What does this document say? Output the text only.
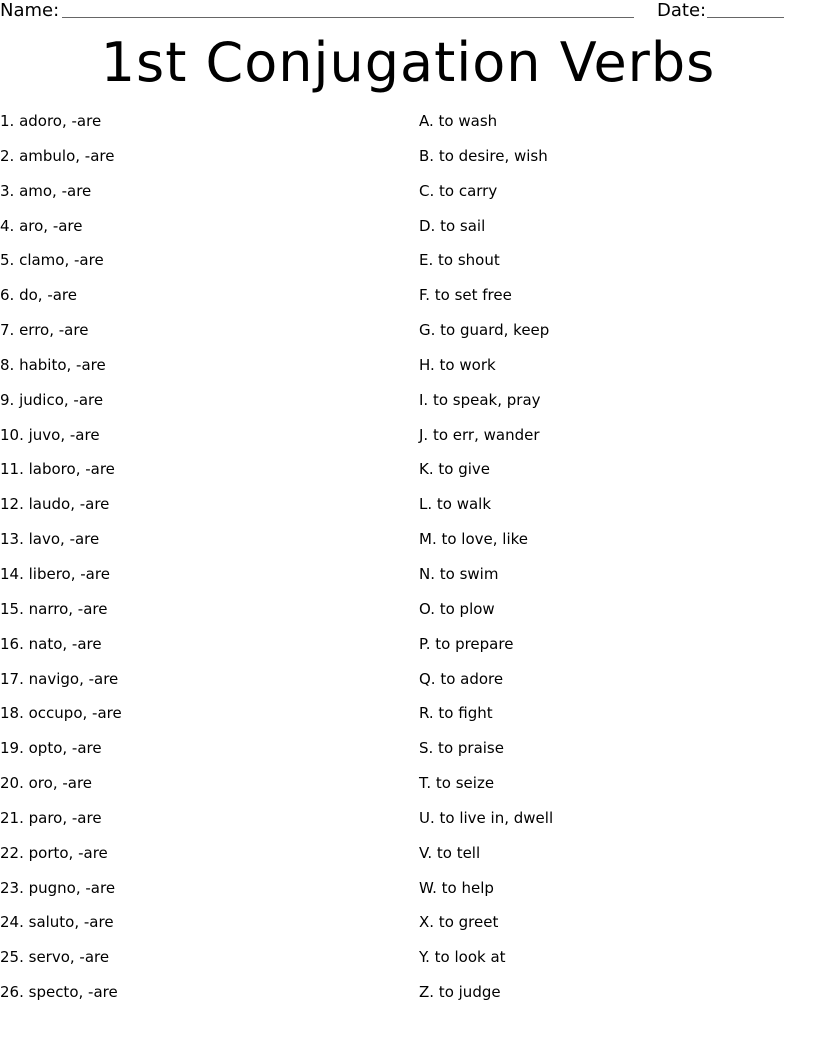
Name:	Date:
1st Conjugation Verbs
1. adoro, -are
2. ambulo, -are
3. amo, -are
4. aro, -are
5. clamo, -are
6. do, -are
7. erro, -are
8. habito, -are
9. judico, -are
10. juvo, -are
11. laboro, -are
12. laudo, -are
13. lavo, -are
14. libero, -are
15. narro, -are
16. nato, -are
17. navigo, -are
18. occupo, -are
19. opto, -are
20. oro, -are
21. paro, -are
22. porto, -are
23. pugno, -are
24. saluto, -are
25. servo, -are
26. specto, -are
A. to wash
B. to desire, wish
C. to carry
D. to sail
E. to shout
F. to set free
G. to guard, keep
H. to work
I. to speak, pray
J. to err, wander
K. to give
L. to walk
M. to love, like
N. to swim
O. to plow
P. to prepare
Q. to adore
R. to fight
S. to praise
T. to seize
U. to live in, dwell
V. to tell
W. to help
X. to greet
Y. to look at
Z. to judge
